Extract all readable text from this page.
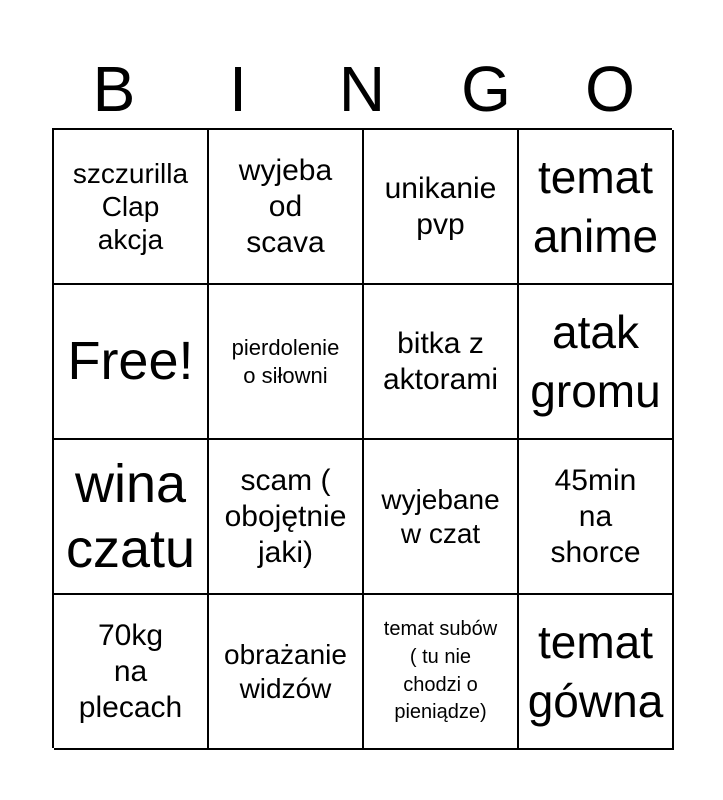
B	I	N	G	O
szczurilla
Clap
akcja
wyjeba
od
scava
unikanie
pvp
temat
anime
Free!	pierdolenie
o siłowni
bitka z
aktorami
atak
gromu
wina
czatu
scam (
obojętnie
jaki)
wyjebane
w czat
45min
na
shorce
70kg
na
plecach
obrażanie
widzów
temat subów
( tu nie
chodzi o
pieniądze)
temat
gówna
